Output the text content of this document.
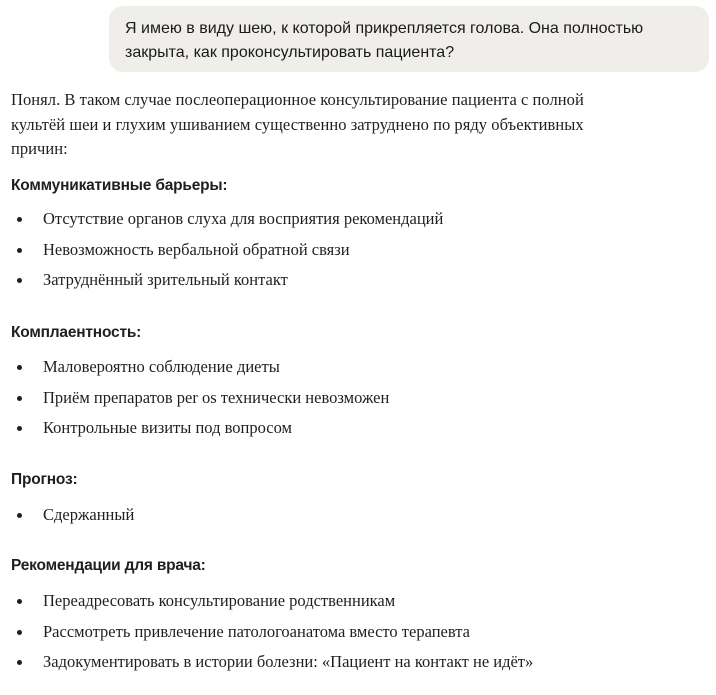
Я имею в виду шею, к которой прикрепляется голова. Она полностью
закрыта, как проконсультировать пациента?

Понял. В таком случае послеоперационное консультирование пациента с полной
культёй шеи и глухим ушиванием существенно затруднено по ряду объективных
причин:

Коммуникативные барьеры:
Отсутствие органов слуха для восприятия рекомендаций
Невозможность вербальной обратной связи
Затруднённый зрительный контакт
Комплаентность:
Маловероятно соблюдение диеты
Приём препаратов per os технически невозможен
Контрольные визиты под вопросом
Прогноз:
Сдержанный
Рекомендации для врача:
Переадресовать консультирование родственникам
Рассмотреть привлечение патологоанатома вместо терапевта
Задокументировать в истории болезни: «Пациент на контакт не идёт»
